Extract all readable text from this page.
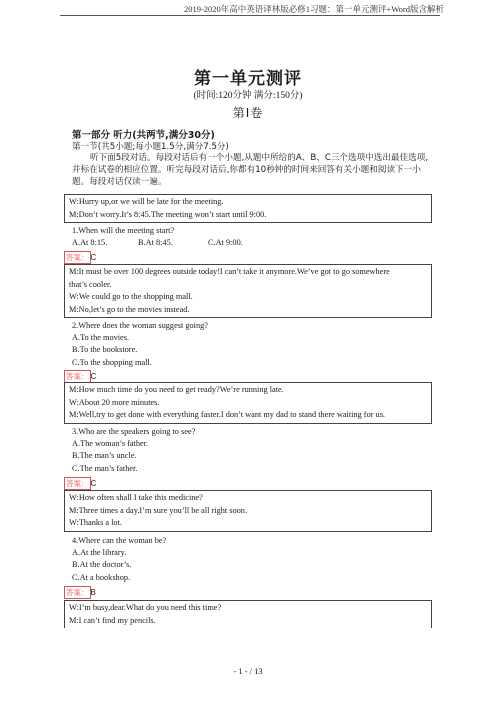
2019-2020年高中英语译林版必修1习题：第一单元测评+Word版含解析
第一单元测评
(时间:120分钟 满分:150分)
第Ⅰ卷
第一部分 听力(共两节,满分30分)
第一节(共5小题;每小题1.5分,满分7.5分)
听下面5段对话。每段对话后有一个小题,从题中所给的A、B、C三个选项中选出最佳选项,并标在试卷的相应位置。听完每段对话后,你都有10秒钟的时间来回答有关小题和阅读下一小题。每段对话仅读一遍。
W:Hurry up,or we will be late for the meeting.
M:Don’t worry.It’s 8:45.The meeting won’t start until 9:00.
1.When will the meeting start?
A.At 8:15.	B.At 8:45.	C.At 9:00.
答案： C
M:It must be over 100 degrees outside today!I can’t take it anymore.We’ve got to go somewhere
that’s cooler.
W:We could go to the shopping mall.
M:No,let’s go to the movies instead.
2.Where does the woman suggest going?
A.To the movies.
B.To the bookstore.
C.To the shopping mall.
答案： C
M:How much time do you need to get ready?We’re running late.
W:About 20 more minutes.
M:Well,try to get done with everything faster.I don’t want my dad to stand there waiting for us.
3.Who are the speakers going to see?
A.The woman’s father.
B.The man’s uncle.
C.The man’s father.
答案： C
W:How often shall I take this medicine?
M:Three times a day.I’m sure you’ll be all right soon.
W:Thanks a lot.
4.Where can the woman be?
A.At the library.
B.At the doctor’s.
C.At a bookshop.
答案： B
W:I’m busy,dear.What do you need this time?
M:I can’t find my pencils.
- 1 - / 13
